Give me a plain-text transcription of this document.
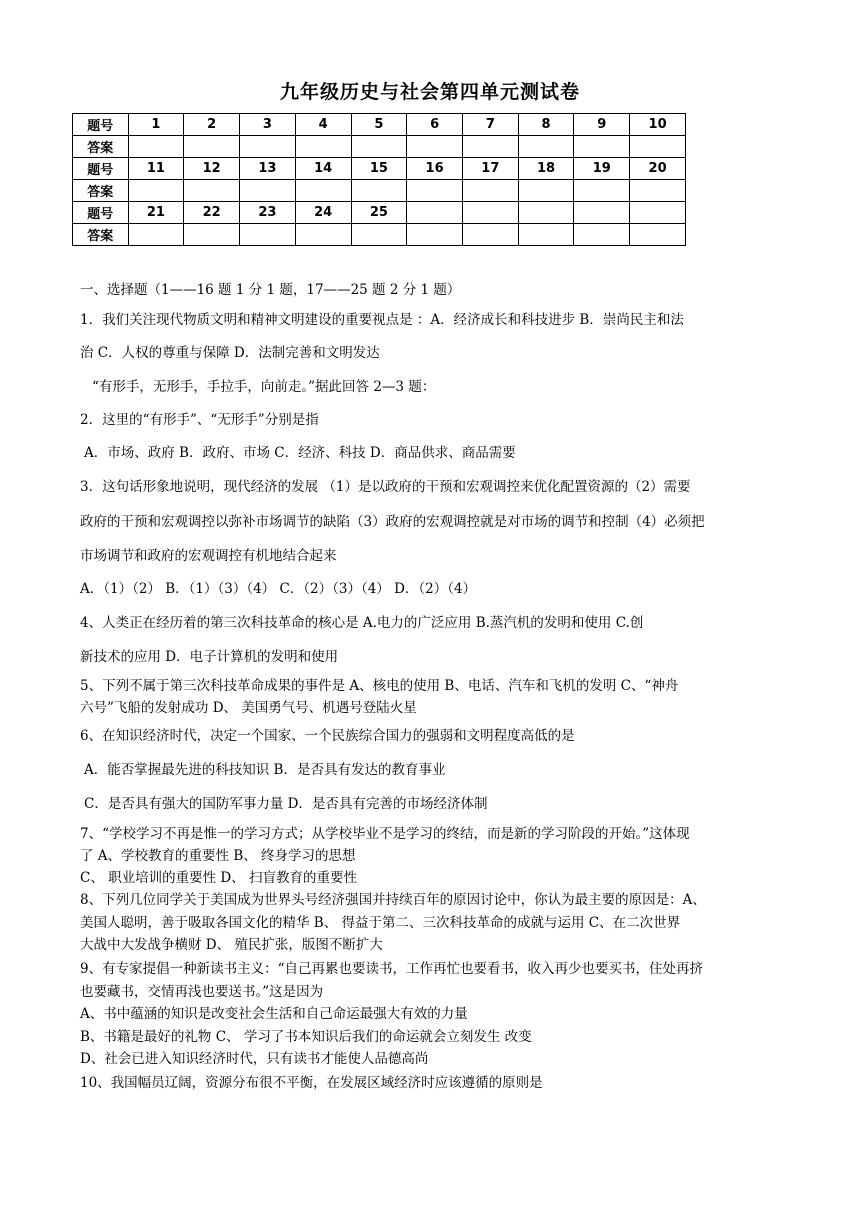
九年级历史与社会第四单元测试卷
题号	1	2	3	4	5	6	7	8	9	10
答案										
题号	11	12	13	14	15	16	17	18	19	20
答案										
题号	21	22	23	24	25					
答案										
一、选择题（1——16 题 1 分 1 题，17——25 题 2 分 1 题）
1．我们关注现代物质文明和精神文明建设的重要视点是 ：A．经济成长和科技进步 B．崇尚民主和法
治 C．人权的尊重与保障 D．法制完善和文明发达
“有形手，无形手，手拉手，向前走。”据此回答 2—3 题：
2．这里的“有形手”、“无形手”分别是指
A．市场、政府 B．政府、市场 C．经济、科技 D．商品供求、商品需要
3．这句话形象地说明，现代经济的发展 （1）是以政府的干预和宏观调控来优化配置资源的（2）需要
政府的干预和宏观调控以弥补市场调节的缺陷（3）政府的宏观调控就是对市场的调节和控制（4）必须把
市场调节和政府的宏观调控有机地结合起来
A．（1）（2） B．（1）（3）（4） C．（2）（3）（4） D．（2）（4）
4、人类正在经历着的第三次科技革命的核心是 A.电力的广泛应用 B.蒸汽机的发明和使用 C.创
新技术的应用 D．电子计算机的发明和使用
5、下列不属于第三次科技革命成果的事件是 A、核电的使用 B、电话、汽车和飞机的发明 C、“神舟
六号”飞船的发射成功 D、 美国勇气号、机遇号登陆火星
6、在知识经济时代，决定一个国家、一个民族综合国力的强弱和文明程度高低的是
A．能否掌握最先进的科技知识 B．是否具有发达的教育事业
C．是否具有强大的国防军事力量 D．是否具有完善的市场经济体制
7、“学校学习不再是惟一的学习方式；从学校毕业不是学习的终结，而是新的学习阶段的开始。”这体现
了 A、学校教育的重要性 B、 终身学习的思想
C、 职业培训的重要性 D、 扫盲教育的重要性
8、下列几位同学关于美国成为世界头号经济强国并持续百年的原因讨论中，你认为最主要的原因是：A、
美国人聪明，善于吸取各国文化的精华 B、 得益于第二、三次科技革命的成就与运用 C、在二次世界
大战中大发战争横财 D、 殖民扩张，版图不断扩大
9、有专家提倡一种新读书主义：“自己再累也要读书，工作再忙也要看书，收入再少也要买书，住处再挤
也要藏书，交情再浅也要送书。”这是因为
A、书中蕴涵的知识是改变社会生活和自己命运最强大有效的力量
B、书籍是最好的礼物 C、 学习了书本知识后我们的命运就会立刻发生 改变
D、社会已进入知识经济时代，只有读书才能使人品德高尚
10、我国幅员辽阔，资源分布很不平衡，在发展区域经济时应该遵循的原则是
